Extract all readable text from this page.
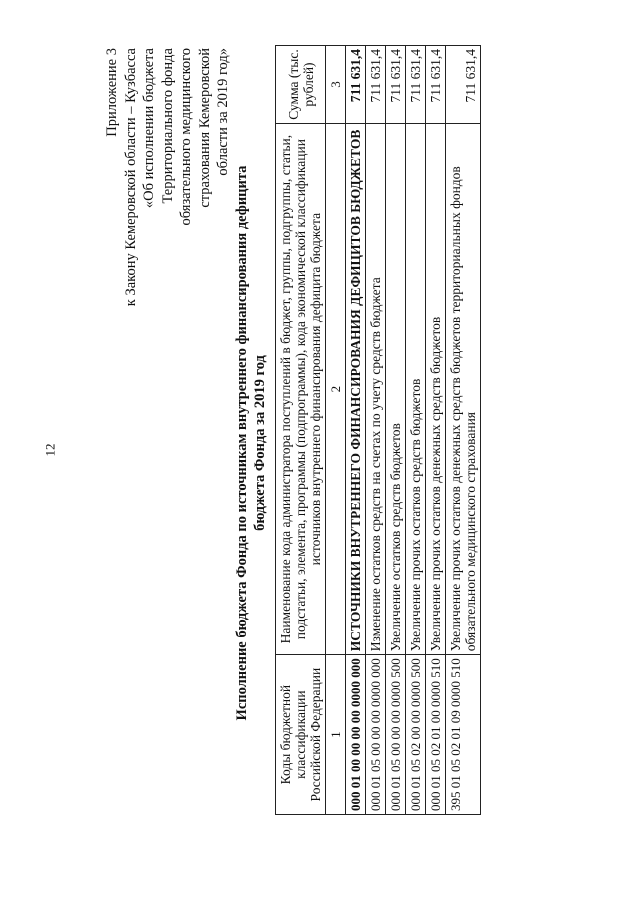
12
Приложение 3 к Закону Кемеровской области – Кузбасса «Об исполнении бюджета Территориального фонда обязательного медицинского страхования Кемеровской области за 2019 год»
Исполнение бюджета Фонда по источникам внутреннего финансирования дефицита бюджета Фонда за 2019 год
Коды бюджетной классификации Российской Федерации	Наименование кода администратора поступлений в бюджет, группы, подгруппы, статьи, подстатьи, элемента, программы (подпрограммы), кода экономической классификации источников внутреннего финансирования дефицита бюджета	Сумма (тыс. рублей)
1	2	3
000 01 00 00 00 00 0000 000	ИСТОЧНИКИ ВНУТРЕННЕГО ФИНАНСИРОВАНИЯ ДЕФИЦИТОВ БЮДЖЕТОВ	711 631,4
000 01 05 00 00 00 0000 000	Изменение остатков средств на счетах по учету средств бюджета	711 631,4
000 01 05 00 00 00 0000 500	Увеличение остатков средств бюджетов	711 631,4
000 01 05 02 00 00 0000 500	Увеличение прочих остатков средств бюджетов	711 631,4
000 01 05 02 01 00 0000 510	Увеличение прочих остатков денежных средств бюджетов	711 631,4
395 01 05 02 01 09 0000 510	Увеличение прочих остатков денежных средств бюджетов территориальных фондов обязательного медицинского страхования	711 631,4
